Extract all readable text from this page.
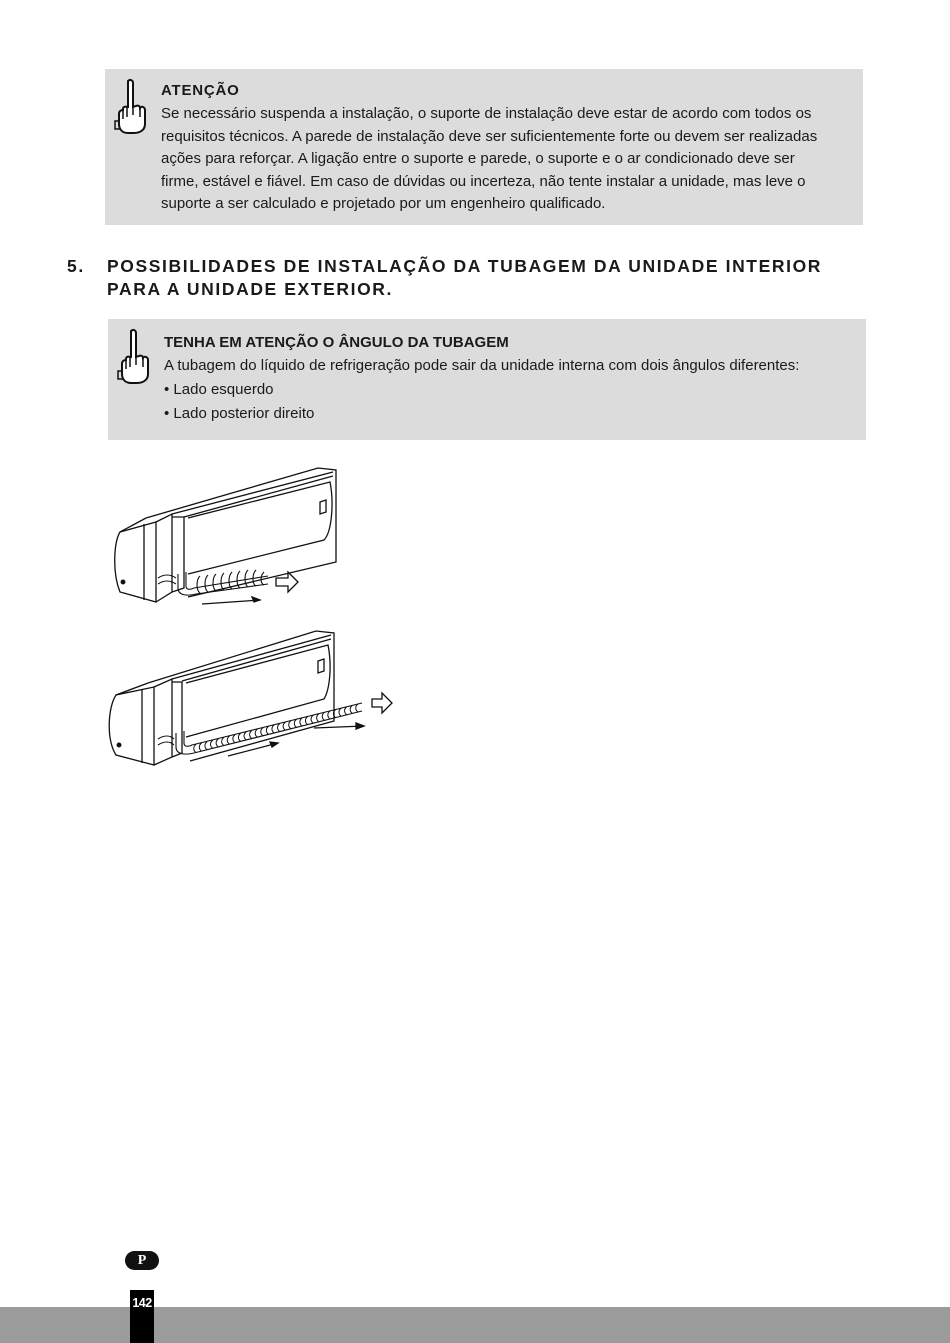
ATENÇÃO

Se necessário suspenda a instalação, o suporte de instalação deve estar de acordo com todos os

requisitos técnicos. A parede de instalação deve ser suficientemente forte ou devem ser realizadas

ações para reforçar. A ligação entre o suporte e parede, o suporte e o ar condicionado deve ser

firme, estável e fiável. Em caso de dúvidas ou incerteza, não tente instalar a unidade, mas leve o

suporte a ser calculado e projetado por um engenheiro qualificado.

5. POSSIBILIDADES DE INSTALAÇÃO DA TUBAGEM DA UNIDADE INTERIOR
PARA A UNIDADE EXTERIOR.

TENHA EM ATENÇÃO O ÂNGULO DA TUBAGEM

A tubagem do líquido de refrigeração pode sair da unidade interna com dois ângulos diferentes:

• Lado esquerdo

• Lado posterior direito

P
142
